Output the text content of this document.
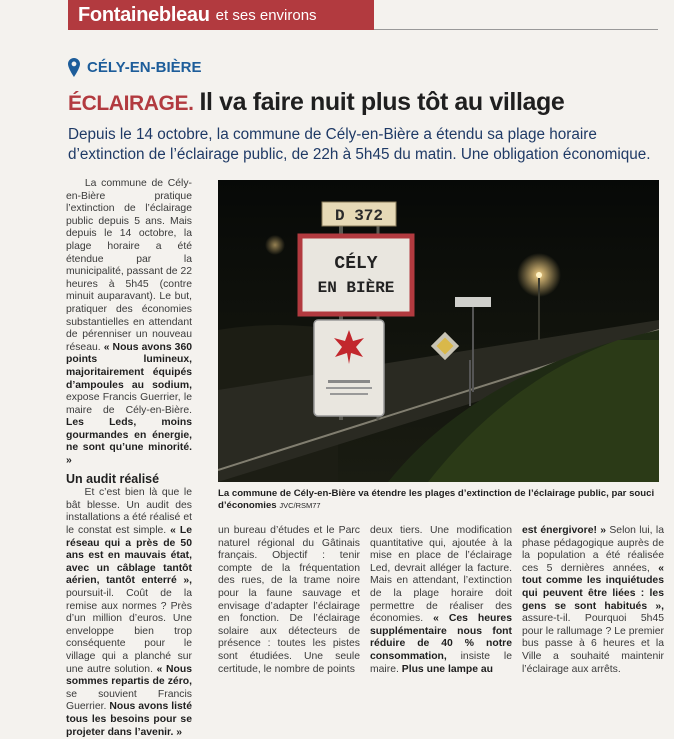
Fontainebleau et ses environs
CÉLY-EN-BIÈRE
ÉCLAIRAGE. Il va faire nuit plus tôt au village
Depuis le 14 octobre, la commune de Cély-en-Bière a étendu sa plage horaire d’extinction de l’éclairage public, de 22h à 5h45 du matin. Une obligation économique.

La commune de Cély-en-Bière pratique l’extinction de l’éclairage public depuis 5 ans. Mais depuis le 14 octobre, la plage horaire a été étendue par la municipalité, passant de 22 heures à 5h45 (contre minuit auparavant). Le but, pratiquer des économies substantielles en attendant de pérenniser un nouveau réseau. « Nous avons 360 points lumineux, majoritairement équipés d’ampoules au sodium, expose Francis Guerrier, le maire de Cély-en-Bière. Les Leds, moins gourmandes en énergie, ne sont qu’une minorité. »

Un audit réalisé

Et c’est bien là que le bât blesse. Un audit des installations a été réalisé et le constat est simple. « Le réseau qui a près de 50 ans est en mauvais état, avec un câblage tantôt aérien, tantôt enterré », poursuit-il. Coût de la remise aux normes ? Près d’un million d’euros. Une enveloppe bien trop conséquente pour le village qui a planché sur une autre solution. « Nous sommes repartis de zéro, se souvient Francis Guerrier. Nous avons listé tous les besoins pour se projeter dans l’avenir. »

D 372
CÉLY
EN BIÈRE
La commune de Cély-en-Bière va étendre les plages d’extinction de l’éclairage public, par souci d’économies JVC/RSM77

un bureau d’études et le Parc naturel régional du Gâtinais français. Objectif : tenir compte de la fréquentation des rues, de la trame noire pour la faune sauvage et envisage d’adapter l’éclairage en fonction. De l’éclairage solaire aux détecteurs de présence : toutes les pistes sont étudiées. Une seule certitude, le nombre de points

deux tiers. Une modification quantitative qui, ajoutée à la mise en place de l’éclairage Led, devrait alléger la facture. Mais en attendant, l’extinction de la plage horaire doit permettre de réaliser des économies. « Ces heures supplémentaire nous font réduire de 40 % notre consommation, insiste le maire. Plus une lampe au

est énergivore! » Selon lui, la phase pédagogique auprès de la population a été réalisée ces 5 dernières années, « tout comme les inquiétudes qui peuvent être liées : les gens se sont habitués », assure-t-il. Pourquoi 5h45 pour le rallumage ? Le premier bus passe à 6 heures et la Ville a souhaité maintenir l’éclairage aux arrêts.
